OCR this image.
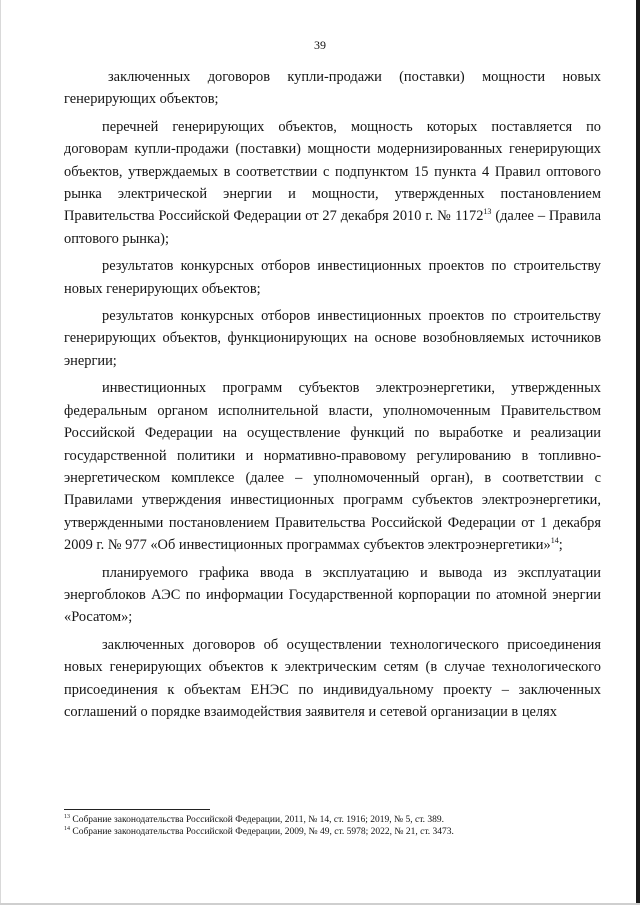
39

заключенных договоров купли-продажи (поставки) мощности новых генерирующих объектов;

перечней генерирующих объектов, мощность которых поставляется по договорам купли-продажи (поставки) мощности модернизированных генерирующих объектов, утверждаемых в соответствии с подпунктом 15 пункта 4 Правил оптового рынка электрической энергии и мощности, утвержденных постановлением Правительства Российской Федерации от 27 декабря 2010 г. № 1172$^{13}$ (далее – Правила оптового рынка);

результатов конкурсных отборов инвестиционных проектов по строительству новых генерирующих объектов;

результатов конкурсных отборов инвестиционных проектов по строительству генерирующих объектов, функционирующих на основе возобновляемых источников энергии;

инвестиционных программ субъектов электроэнергетики, утвержденных федеральным органом исполнительной власти, уполномоченным Правительством Российской Федерации на осуществление функций по выработке и реализации государственной политики и нормативно-правовому регулированию в топливно-энергетическом комплексе (далее – уполномоченный орган), в соответствии с Правилами утверждения инвестиционных программ субъектов электроэнергетики, утвержденными постановлением Правительства Российской Федерации от 1 декабря 2009 г. № 977 «Об инвестиционных программах субъектов электроэнергетики»$^{14}$;

планируемого графика ввода в эксплуатацию и вывода из эксплуатации энергоблоков АЭС по информации Государственной корпорации по атомной энергии «Росатом»;

заключенных договоров об осуществлении технологического присоединения новых генерирующих объектов к электрическим сетям (в случае технологического присоединения к объектам ЕНЭС по индивидуальному проекту – заключенных соглашений о порядке взаимодействия заявителя и сетевой организации в целях

$^{13}$ Собрание законодательства Российской Федерации, 2011, № 14, ст. 1916; 2019, № 5, ст. 389.
$^{14}$ Собрание законодательства Российской Федерации, 2009, № 49, ст. 5978; 2022, № 21, ст. 3473.
